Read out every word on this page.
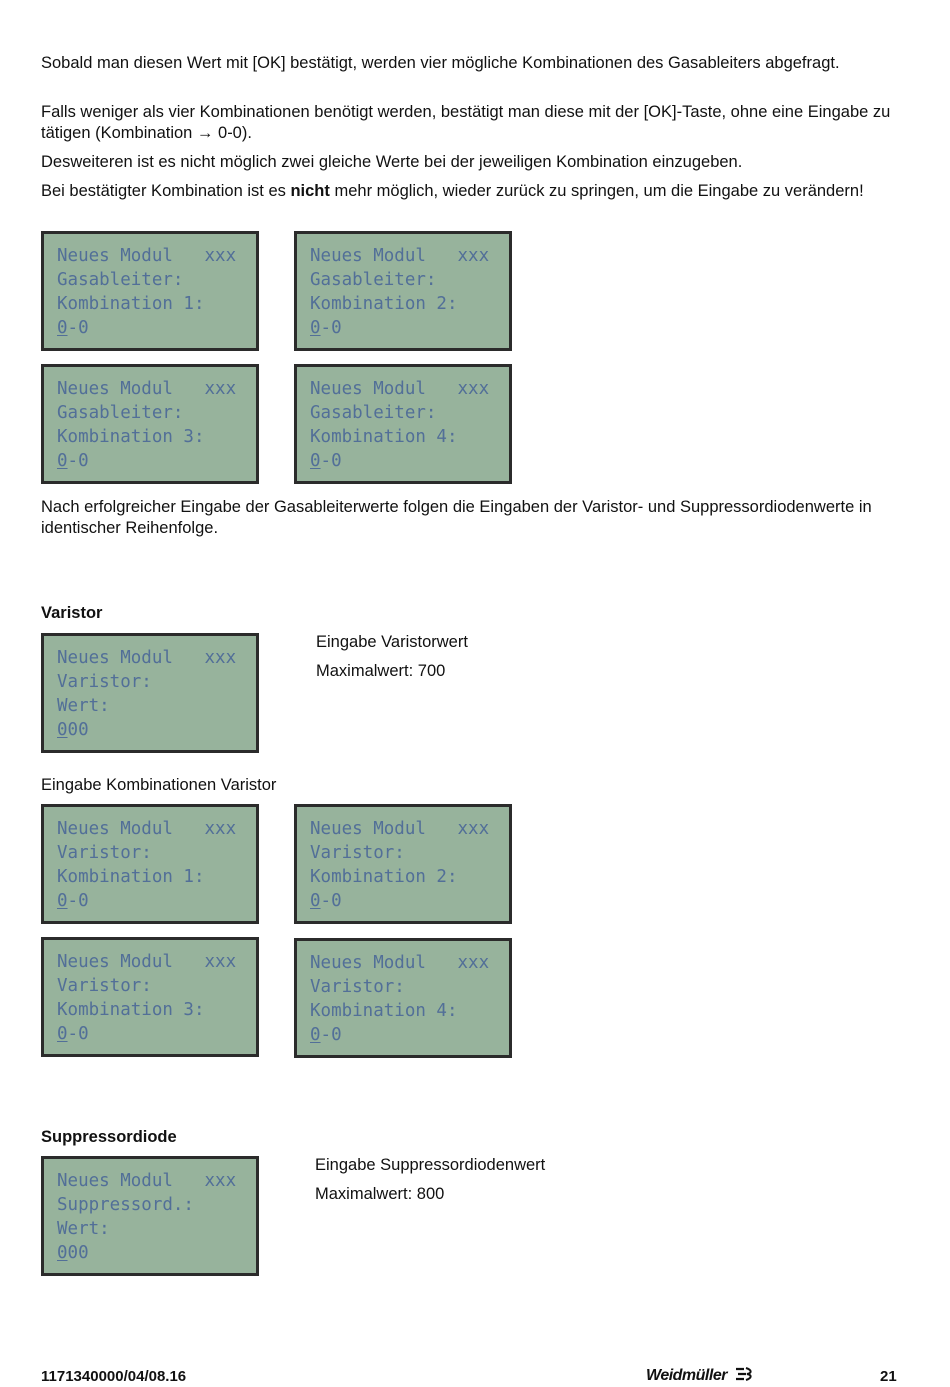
Sobald man diesen Wert mit [OK] bestätigt, werden vier mögliche Kombinationen des Gasableiters abgefragt.

Falls weniger als vier Kombinationen benötigt werden, bestätigt man diese mit der [OK]-Taste, ohne eine Eingabe zu tätigen (Kombination → 0-0).

Desweiteren ist es nicht möglich zwei gleiche Werte bei der jeweiligen Kombination einzugeben.

Bei bestätigter Kombination ist es nicht mehr möglich, wieder zurück zu springen, um die Eingabe zu verändern!

Neues Modul   xxx
Gasableiter:
Kombination 1:
0-0
Neues Modul   xxx
Gasableiter:
Kombination 2:
0-0
Neues Modul   xxx
Gasableiter:
Kombination 3:
0-0
Neues Modul   xxx
Gasableiter:
Kombination 4:
0-0

Nach erfolgreicher Eingabe der Gasableiterwerte folgen die Eingaben der Varistor- und Suppressordiodenwerte in identischer Reihenfolge.

Varistor

Neues Modul   xxx
Varistor:
Wert:
000

Eingabe Varistorwert

Maximalwert: 700

Eingabe Kombinationen Varistor

Neues Modul   xxx
Varistor:
Kombination 1:
0-0
Neues Modul   xxx
Varistor:
Kombination 2:
0-0
Neues Modul   xxx
Varistor:
Kombination 3:
0-0
Neues Modul   xxx
Varistor:
Kombination 4:
0-0

Suppressordiode

Neues Modul   xxx
Suppressord.:
Wert:
000

Eingabe Suppressordiodenwert

Maximalwert: 800

1171340000/04/08.16	Weidmüller	21
